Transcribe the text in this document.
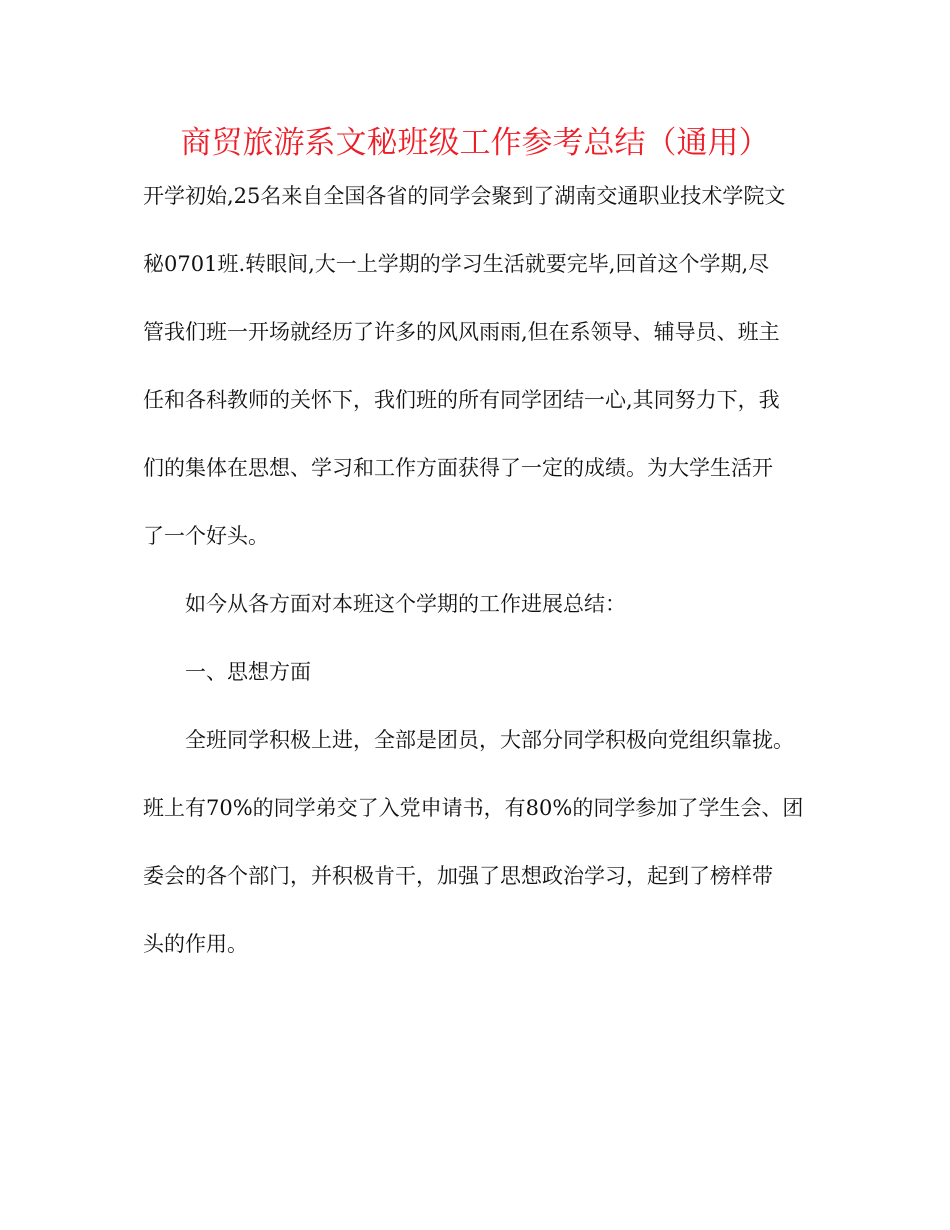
商贸旅游系文秘班级工作参考总结（通用）

开学初始,25名来自全国各省的同学会聚到了湖南交通职业技术学院文
秘0701班.转眼间,大一上学期的学习生活就要完毕,回首这个学期,尽
管我们班一开场就经历了许多的风风雨雨,但在系领导、辅导员、班主
任和各科教师的关怀下，我们班的所有同学团结一心,其同努力下，我
们的集体在思想、学习和工作方面获得了一定的成绩。为大学生活开
了一个好头。

如今从各方面对本班这个学期的工作进展总结：

一、思想方面

全班同学积极上进，全部是团员，大部分同学积极向党组织靠拢。
班上有70%的同学弟交了入党申请书，有80%的同学参加了学生会、团
委会的各个部门，并积极肯干，加强了思想政治学习，起到了榜样带
头的作用。
